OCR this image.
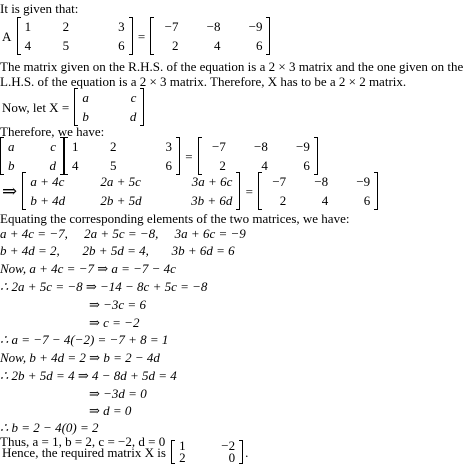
It is given that:
A
1	2	3
4	5	6
=
−7	−8	−9
2	4	6
The matrix given on the R.H.S. of the equation is a 2 × 3 matrix and the one given on the
L.H.S. of the equation is a 2 × 3 matrix. Therefore, X has to be a 2 × 2 matrix.
Now, let X =
a	c
b	d
Therefore, we have:
a	c
b	d
1	2	3
4	5	6
=
−7	−8	−9
2	4	6
⇒ a + 4c	2a + 5c	3a + 6c
b + 4d	2b + 5d	3b + 6d
=
−7	−8	−9
2	4	6
Equating the corresponding elements of the two matrices, we have:
a + 4c = −7,     2a + 5c = −8,     3a + 6c = −9
b + 4d = 2,       2b + 5d = 4,       3b + 6d = 6
Now, a + 4c = −7 ⇒ a = −7 − 4c
∴ 2a + 5c = −8 ⇒ −14 − 8c + 5c = −8
⇒ −3c = 6
⇒ c = −2
∴ a = −7 − 4(−2) = −7 + 8 = 1
Now, b + 4d = 2 ⇒ b = 2 − 4d
∴ 2b + 5d = 4 ⇒ 4 − 8d + 5d = 4
⇒ −3d = 0
⇒ d = 0
∴ b = 2 − 4(0) = 2
Thus, a = 1, b = 2, c = −2, d = 0
Hence, the required matrix X is 1	−2
2	0 .
